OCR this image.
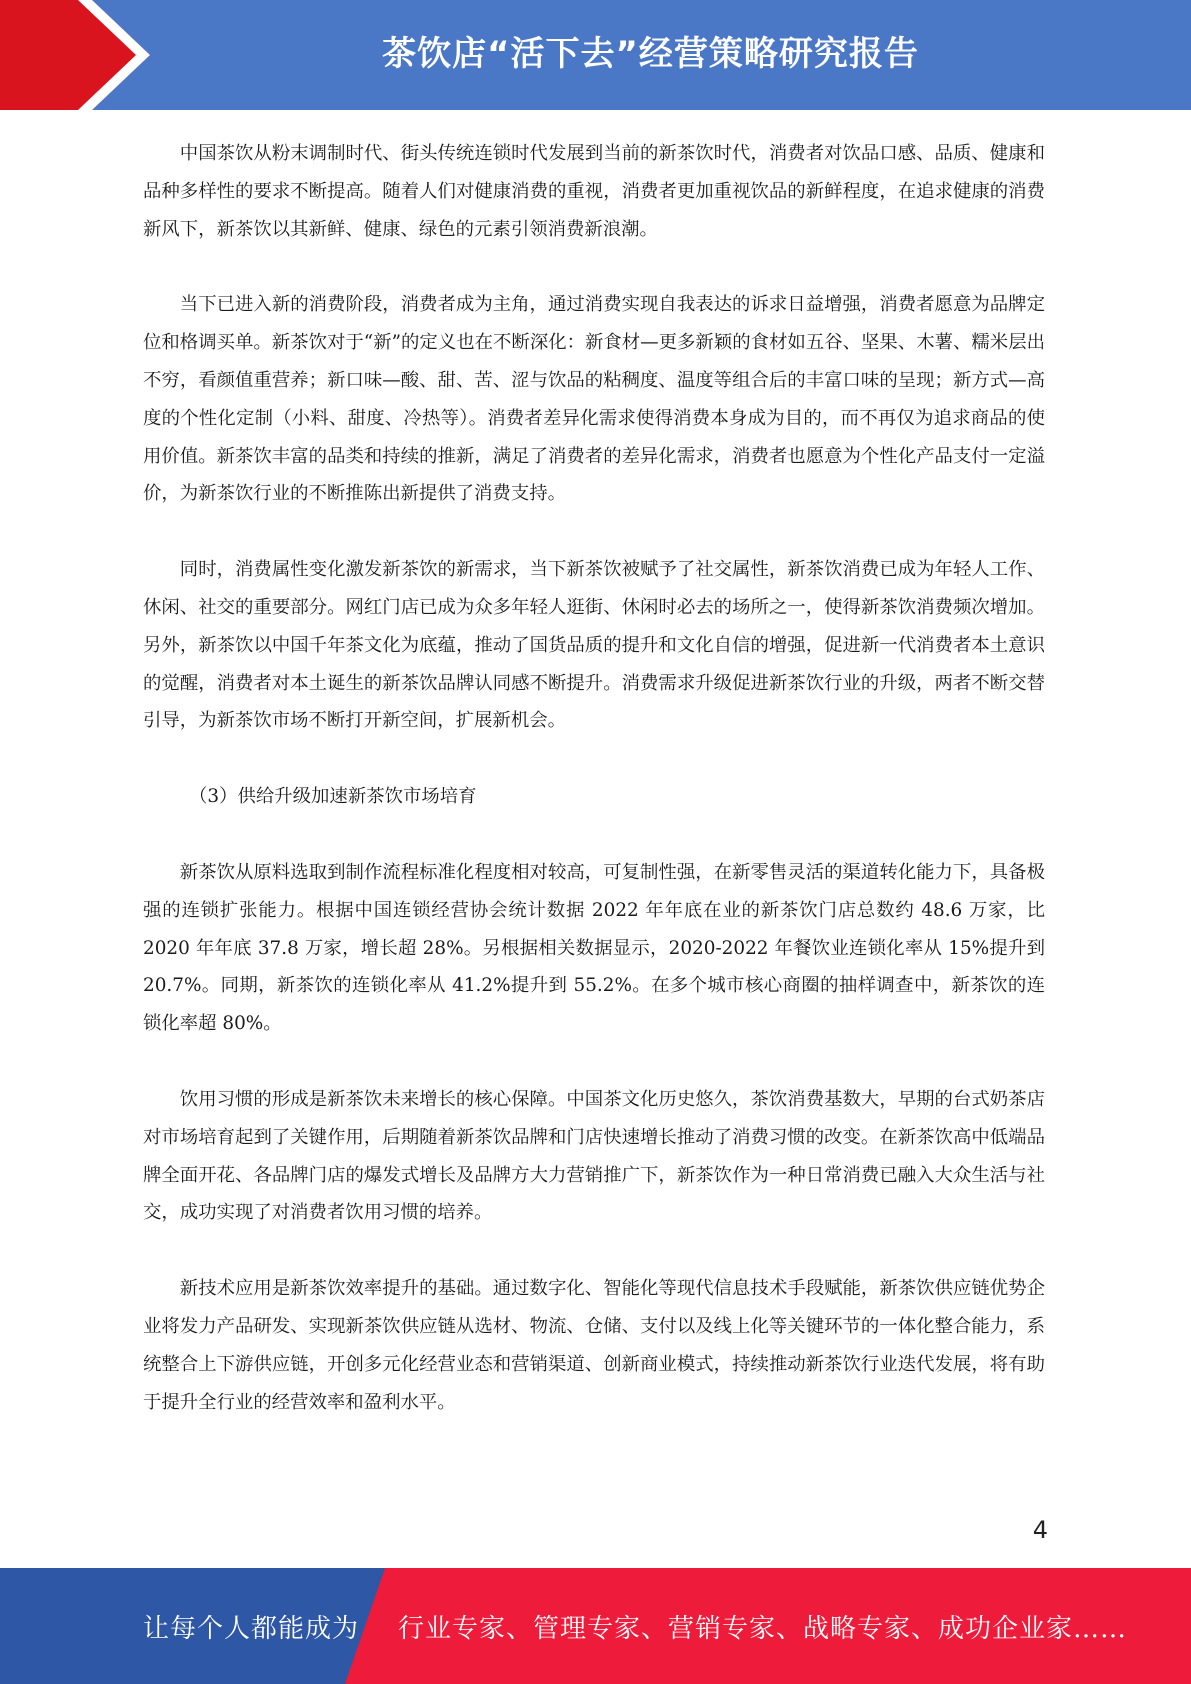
茶饮店“活下去”经营策略研究报告

中国茶饮从粉末调制时代、街头传统连锁时代发展到当前的新茶饮时代，消费者对饮品口感、品质、健康和品种多样性的要求不断提高。随着人们对健康消费的重视，消费者更加重视饮品的新鲜程度，在追求健康的消费新风下，新茶饮以其新鲜、健康、绿色的元素引领消费新浪潮。

当下已进入新的消费阶段，消费者成为主角，通过消费实现自我表达的诉求日益增强，消费者愿意为品牌定位和格调买单。新茶饮对于“新”的定义也在不断深化：新食材—更多新颖的食材如五谷、坚果、木薯、糯米层出不穷，看颜值重营养；新口味—酸、甜、苦、涩与饮品的粘稠度、温度等组合后的丰富口味的呈现；新方式—高度的个性化定制（小料、甜度、冷热等）。消费者差异化需求使得消费本身成为目的，而不再仅为追求商品的使用价值。新茶饮丰富的品类和持续的推新，满足了消费者的差异化需求，消费者也愿意为个性化产品支付一定溢价，为新茶饮行业的不断推陈出新提供了消费支持。

同时，消费属性变化激发新茶饮的新需求，当下新茶饮被赋予了社交属性，新茶饮消费已成为年轻人工作、休闲、社交的重要部分。网红门店已成为众多年轻人逛街、休闲时必去的场所之一，使得新茶饮消费频次增加。另外，新茶饮以中国千年茶文化为底蕴，推动了国货品质的提升和文化自信的增强，促进新一代消费者本土意识的觉醒，消费者对本土诞生的新茶饮品牌认同感不断提升。消费需求升级促进新茶饮行业的升级，两者不断交替引导，为新茶饮市场不断打开新空间，扩展新机会。

（3）供给升级加速新茶饮市场培育

新茶饮从原料选取到制作流程标准化程度相对较高，可复制性强，在新零售灵活的渠道转化能力下，具备极强的连锁扩张能力。根据中国连锁经营协会统计数据 2022 年年底在业的新茶饮门店总数约 48.6 万家，比 2020 年年底 37.8 万家，增长超 28%。另根据相关数据显示，2020-2022 年餐饮业连锁化率从 15%提升到 20.7%。同期，新茶饮的连锁化率从 41.2%提升到 55.2%。在多个城市核心商圈的抽样调查中，新茶饮的连锁化率超 80%。

饮用习惯的形成是新茶饮未来增长的核心保障。中国茶文化历史悠久，茶饮消费基数大，早期的台式奶茶店对市场培育起到了关键作用，后期随着新茶饮品牌和门店快速增长推动了消费习惯的改变。在新茶饮高中低端品牌全面开花、各品牌门店的爆发式增长及品牌方大力营销推广下，新茶饮作为一种日常消费已融入大众生活与社交，成功实现了对消费者饮用习惯的培养。

新技术应用是新茶饮效率提升的基础。通过数字化、智能化等现代信息技术手段赋能，新茶饮供应链优势企业将发力产品研发、实现新茶饮供应链从选材、物流、仓储、支付以及线上化等关键环节的一体化整合能力，系统整合上下游供应链，开创多元化经营业态和营销渠道、创新商业模式，持续推动新茶饮行业迭代发展，将有助于提升全行业的经营效率和盈利水平。

4
让每个人都能成为 行业专家、管理专家、营销专家、战略专家、成功企业家……
